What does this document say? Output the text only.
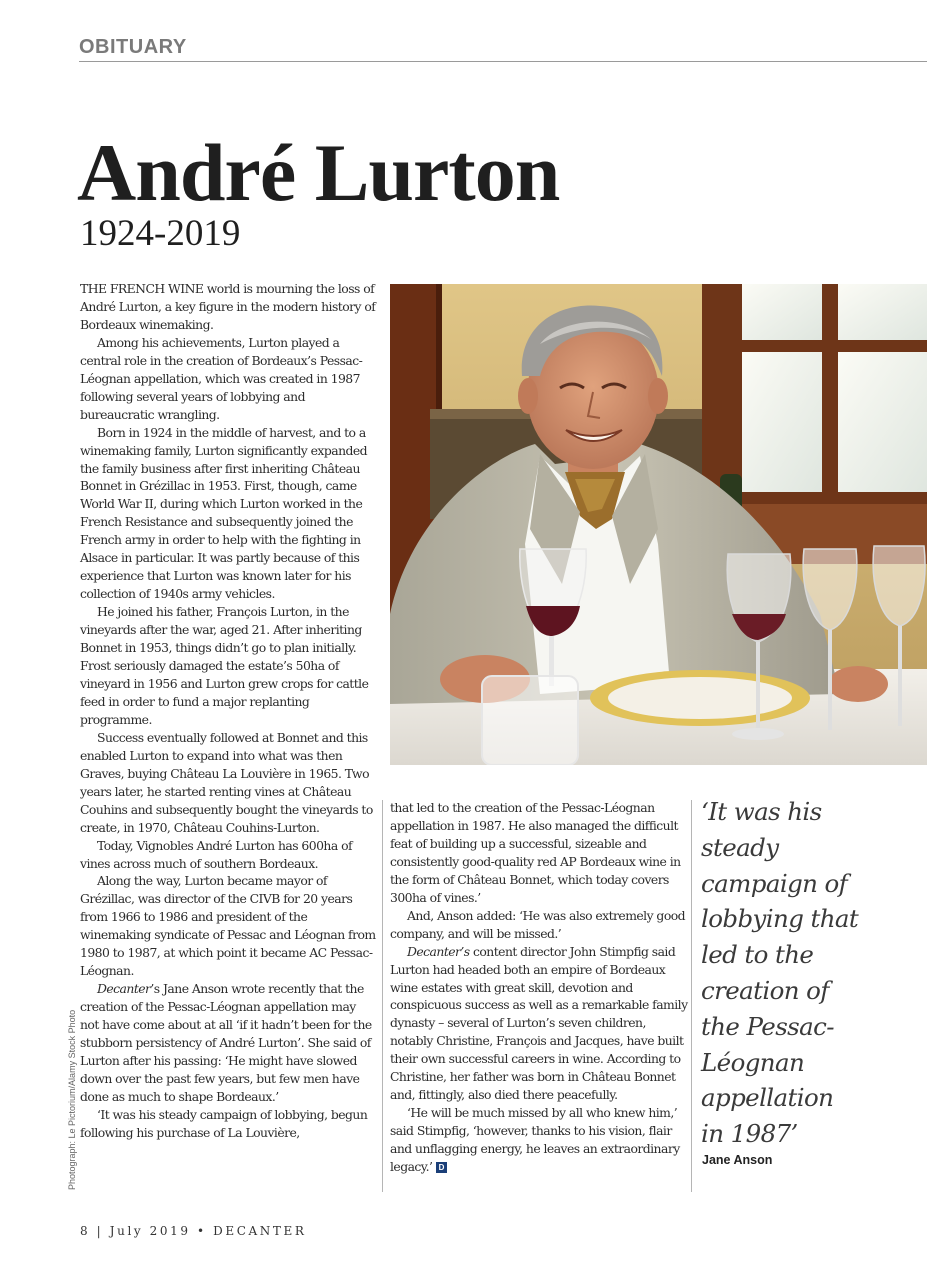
OBITUARY
André Lurton
1924-2019

THE FRENCH WINE world is mourning the loss of André Lurton, a key figure in the modern history of Bordeaux winemaking.

Among his achievements, Lurton played a central role in the creation of Bordeaux’s Pessac-Léognan appellation, which was created in 1987 following several years of lobbying and bureaucratic wrangling.

Born in 1924 in the middle of harvest, and to a winemaking family, Lurton significantly expanded the family business after first inheriting Château Bonnet in Grézillac in 1953. First, though, came World War II, during which Lurton worked in the French Resistance and subsequently joined the French army in order to help with the fighting in Alsace in particular. It was partly because of this experience that Lurton was known later for his collection of 1940s army vehicles.

He joined his father, François Lurton, in the vineyards after the war, aged 21. After inheriting Bonnet in 1953, things didn’t go to plan initially. Frost seriously damaged the estate’s 50ha of vineyard in 1956 and Lurton grew crops for cattle feed in order to fund a major replanting programme.

Success eventually followed at Bonnet and this enabled Lurton to expand into what was then Graves, buying Château La Louvière in 1965. Two years later, he started renting vines at Château Couhins and subsequently bought the vineyards to create, in 1970, Château Couhins-Lurton.

Today, Vignobles André Lurton has 600ha of vines across much of southern Bordeaux.

Along the way, Lurton became mayor of Grézillac, was director of the CIVB for 20 years from 1966 to 1986 and president of the winemaking syndicate of Pessac and Léognan from 1980 to 1987, at which point it became AC Pessac-Léognan.

Decanter’s Jane Anson wrote recently that the creation of the Pessac-Léognan appellation may not have come about at all ‘if it hadn’t been for the stubborn persistency of André Lurton’. She said of Lurton after his passing: ‘He might have slowed down over the past few years, but few men have done as much to shape Bordeaux.’

‘It was his steady campaign of lobbying, begun following his purchase of La Louvière,

that led to the creation of the Pessac-Léognan appellation in 1987. He also managed the difficult feat of building up a successful, sizeable and consistently good-quality red AP Bordeaux wine in the form of Château Bonnet, which today covers 300ha of vines.’

And, Anson added: ‘He was also extremely good company, and will be missed.’

Decanter’s content director John Stimpfig said Lurton had headed both an empire of Bordeaux wine estates with great skill, devotion and conspicuous success as well as a remarkable family dynasty – several of Lurton’s seven children, notably Christine, François and Jacques, have built their own successful careers in wine. According to Christine, her father was born in Château Bonnet and, fittingly, also died there peacefully.

‘He will be much missed by all who knew him,’ said Stimpfig, ‘however, thanks to his vision, flair and unflagging energy, he leaves an extraordinary legacy.’ D

‘It was his
steady
campaign of
lobbying that
led to the
creation of
the Pessac-
Léognan
appellation
in 1987’
Jane Anson
Photograph: Le Pictorium/Alamy Stock Photo
8 | July 2019 • DECANTER
